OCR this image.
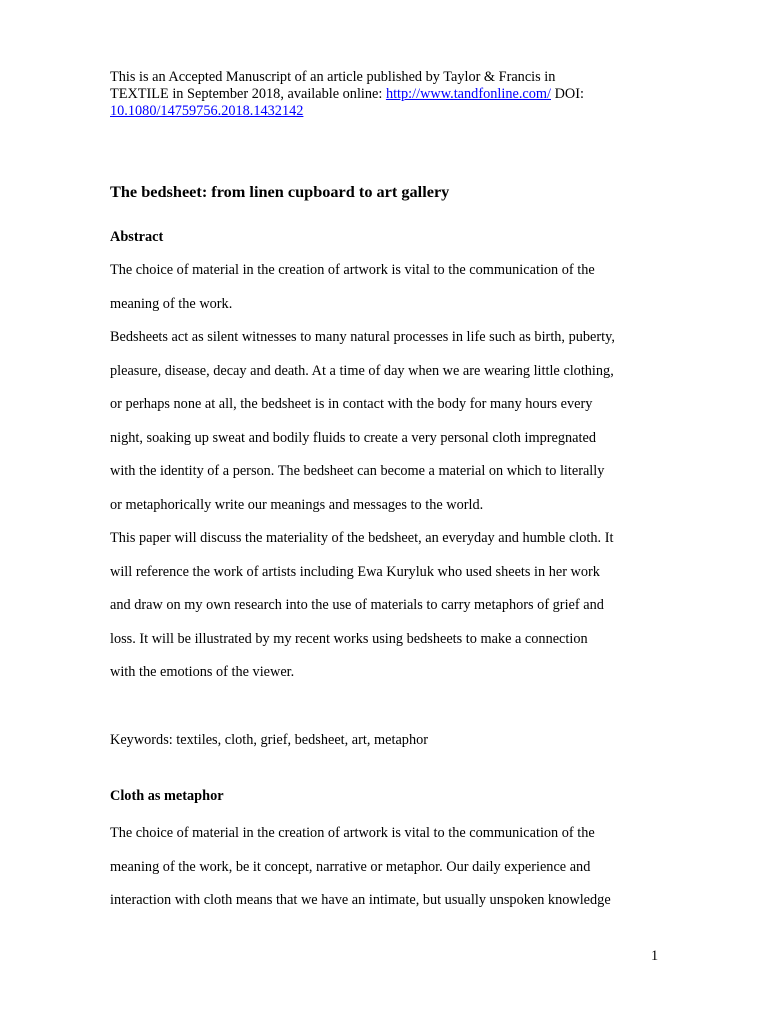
This is an Accepted Manuscript of an article published by Taylor & Francis in
TEXTILE in September 2018, available online: http://www.tandfonline.com/ DOI:
10.1080/14759756.2018.1432142
The bedsheet: from linen cupboard to art gallery
Abstract
The choice of material in the creation of artwork is vital to the communication of the
meaning of the work.
Bedsheets act as silent witnesses to many natural processes in life such as birth, puberty,
pleasure, disease, decay and death. At a time of day when we are wearing little clothing,
or perhaps none at all, the bedsheet is in contact with the body for many hours every
night, soaking up sweat and bodily fluids to create a very personal cloth impregnated
with the identity of a person. The bedsheet can become a material on which to literally
or metaphorically write our meanings and messages to the world.
This paper will discuss the materiality of the bedsheet, an everyday and humble cloth. It
will reference the work of artists including Ewa Kuryluk who used sheets in her work
and draw on my own research into the use of materials to carry metaphors of grief and
loss. It will be illustrated by my recent works using bedsheets to make a connection
with the emotions of the viewer.
Keywords: textiles, cloth, grief, bedsheet, art, metaphor
Cloth as metaphor
The choice of material in the creation of artwork is vital to the communication of the
meaning of the work, be it concept, narrative or metaphor. Our daily experience and
interaction with cloth means that we have an intimate, but usually unspoken knowledge
1
